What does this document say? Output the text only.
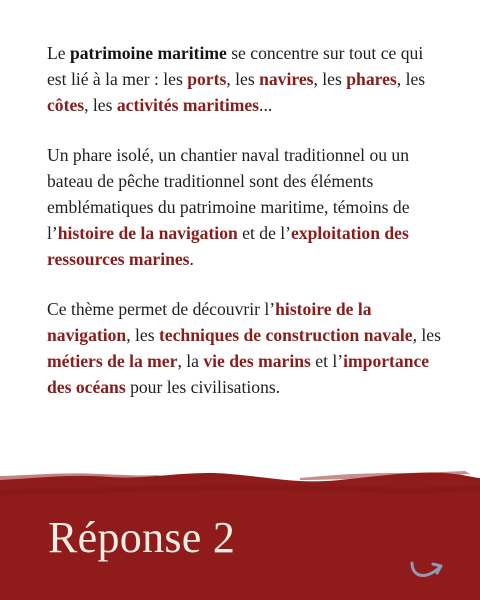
Le patrimoine maritime se concentre sur tout ce qui est lié à la mer : les ports, les navires, les phares, les côtes, les activités maritimes...

Un phare isolé, un chantier naval traditionnel ou un bateau de pêche traditionnel sont des éléments emblématiques du patrimoine maritime, témoins de l’histoire de la navigation et de l’exploitation des ressources marines.

Ce thème permet de découvrir l’histoire de la navigation, les techniques de construction navale, les métiers de la mer, la vie des marins et l’importance des océans pour les civilisations.

Réponse 2
